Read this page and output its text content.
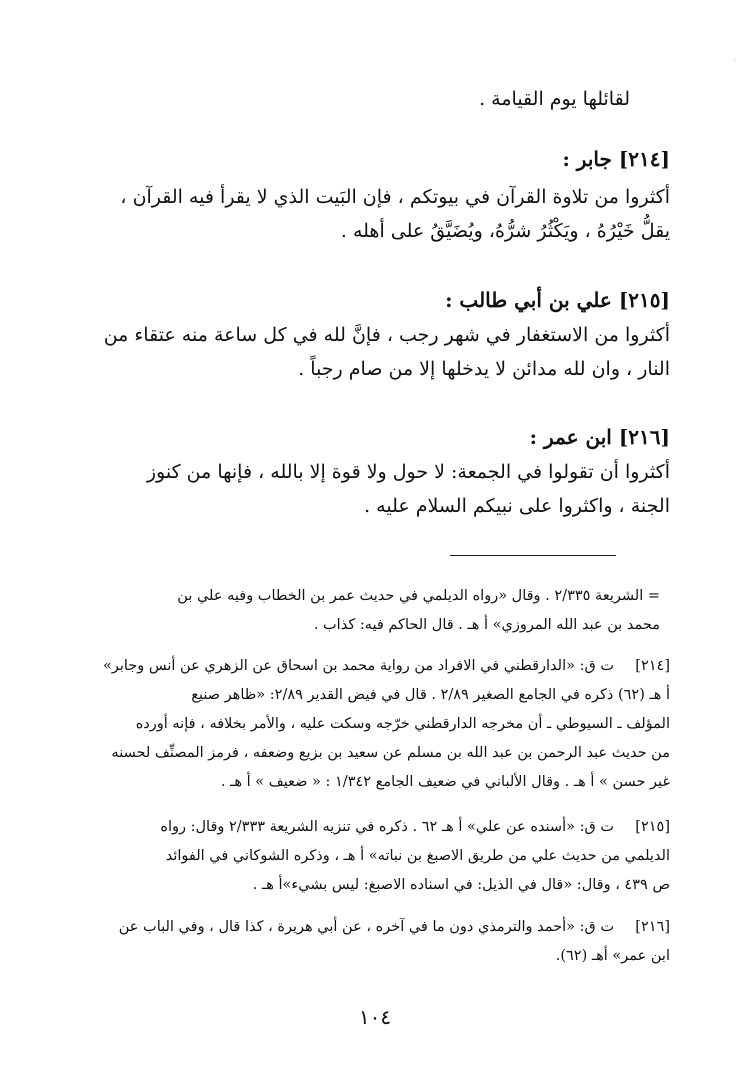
لقائلها يوم القيامة .
[٢١٤] جابر :
أكثروا من تلاوة القرآن في بيوتكم ، فإن البَيت الذي لا يقرأ فيه القرآن ،
يقلُّ خَيْرُهُ ، ويَكْثُرُ شرُّهُ، ويُضَيَّقُ على أهله .
[٢١٥] علي بن أبي طالب :
أكثروا من الاستغفار في شهر رجب ، فإنَّ لله في كل ساعة منه عتقاء من
النار ، وان لله مدائن لا يدخلها إلا من صام رجباً .
[٢١٦] ابن عمر :
أكثروا أن تقولوا في الجمعة: لا حول ولا قوة إلا بالله ، فإنها من كنوز
الجنة ، واكثروا على نبيكم السلام عليه .
= الشريعة ٢/٣٣٥ . وقال «رواه الديلمي في حديث عمر بن الخطاب وفيه علي بن
محمد بن عبد الله المروزي» أ هـ . قال الحاكم فيه: كذاب .
[٢١٤]ت ق: «الدارقطني في الافراد من رواية محمد بن اسحاق عن الزهري عن أنس وجابر»
أ هـ (٦٢) ذكره في الجامع الصغير ٢/٨٩ . قال في فيض القدير ٢/٨٩: «ظاهر صنيع
المؤلف ـ السيوطي ـ أن مخرجه الدارقطني خرّجه وسكت عليه ، والأمر بخلافه ، فإنه أورده
من حديث عبد الرحمن بن عبد الله بن مسلم عن سعيد بن بزيع وضعفه ، فرمز المصنِّف لحسنه
غير حسن » أ هـ . وقال الألباني في ضعيف الجامع ١/٣٤٢ : « ضعيف » أ هـ .
[٢١٥]ت ق: «أسنده عن علي» أ هـ ٦٢ . ذكره في تنزيه الشريعة ٢/٣٣٣ وقال: رواه
الديلمي من حديث علي من طريق الاصبغ بن نباته» أ هـ ، وذكره الشوكاني في الفوائد
ص ٤٣٩ ، وقال: «قال في الذيل: في اسناده الاصبغ: ليس بشيء»أ هـ .
[٢١٦]ت ق: «أحمد والترمذي دون ما في آخره ، عن أبي هريرة ، كذا قال ، وفي الباب عن
ابن عمر» أهـ (٦٢).
١٠٤
·
